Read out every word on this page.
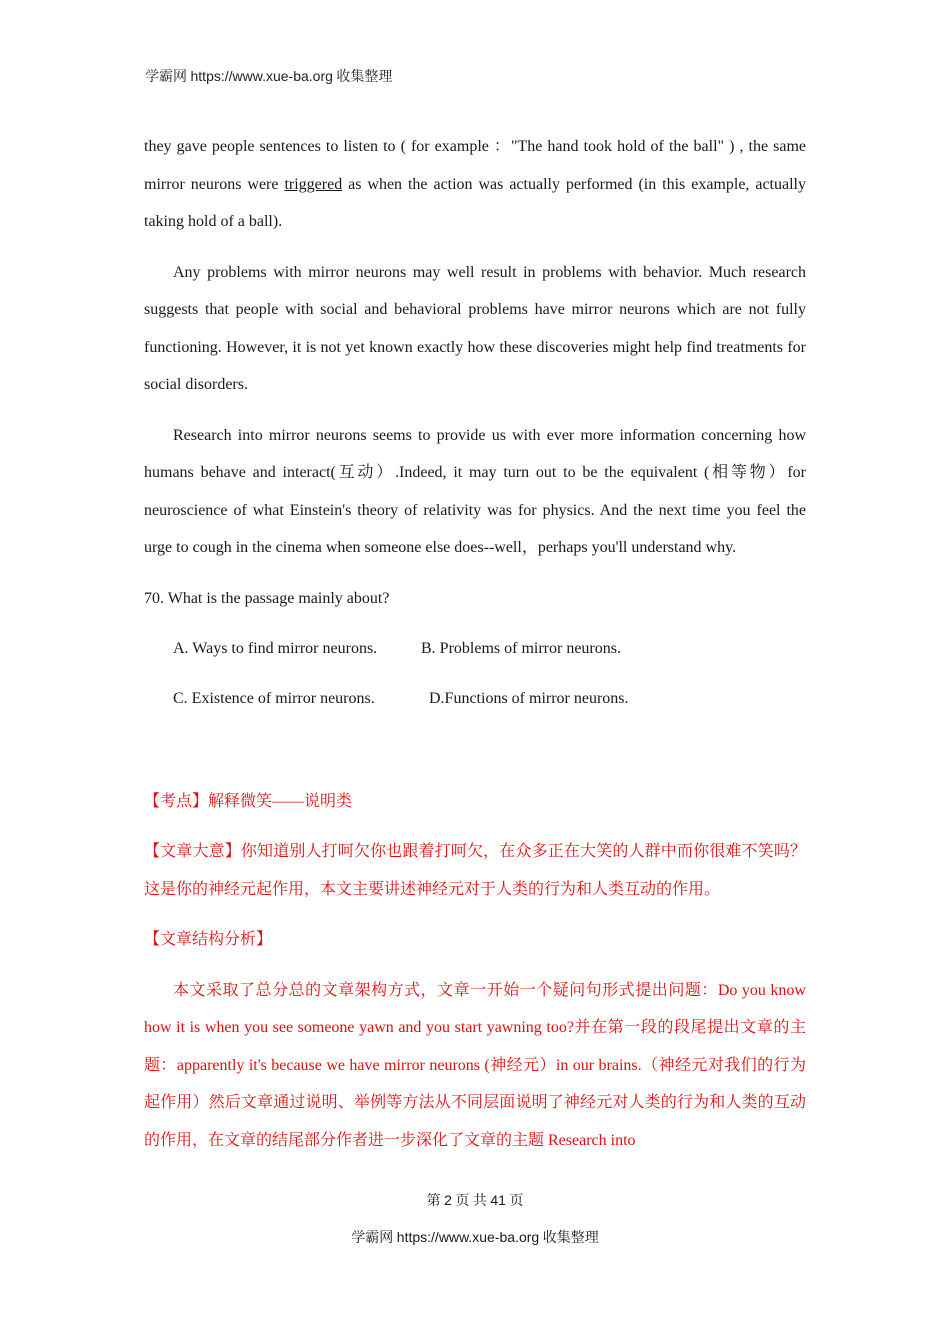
学霸网 https://www.xue-ba.org 收集整理

they gave people sentences to listen to ( for example ："The hand took hold of the ball" ) , the same mirror neurons were triggered as when the action was actually performed (in this example, actually taking hold of a ball).

Any problems with mirror neurons may well result in problems with behavior. Much research suggests that people with social and behavioral problems have mirror neurons which are not fully functioning. However, it is not yet known exactly how these discoveries might help find treatments for social disorders.

Research into mirror neurons seems to provide us with ever more information concerning how humans behave and interact(互动）.Indeed, it may turn out to be the equivalent (相等物）for neuroscience of what Einstein's theory of relativity was for physics. And the next time you feel the urge to cough in the cinema when someone else does--well，perhaps you'll understand why.

70. What is the passage mainly about?

A. Ways to find mirror neurons.	B. Problems of mirror neurons.
C. Existence of mirror neurons.	D.Functions of mirror neurons.

【考点】解释微笑——说明类

【文章大意】你知道别人打呵欠你也跟着打呵欠，在众多正在大笑的人群中而你很难不笑吗？这是你的神经元起作用，本文主要讲述神经元对于人类的行为和人类互动的作用。

【文章结构分析】

本文采取了总分总的文章架构方式，文章一开始一个疑问句形式提出问题：Do you know how it is when you see someone yawn and you start yawning too?并在第一段的段尾提出文章的主题：apparently it's because we have mirror neurons (神经元）in our brains.（神经元对我们的行为起作用）然后文章通过说明、举例等方法从不同层面说明了神经元对人类的行为和人类的互动的作用，在文章的结尾部分作者进一步深化了文章的主题 Research into

第 2 页 共 41 页
学霸网 https://www.xue-ba.org 收集整理
